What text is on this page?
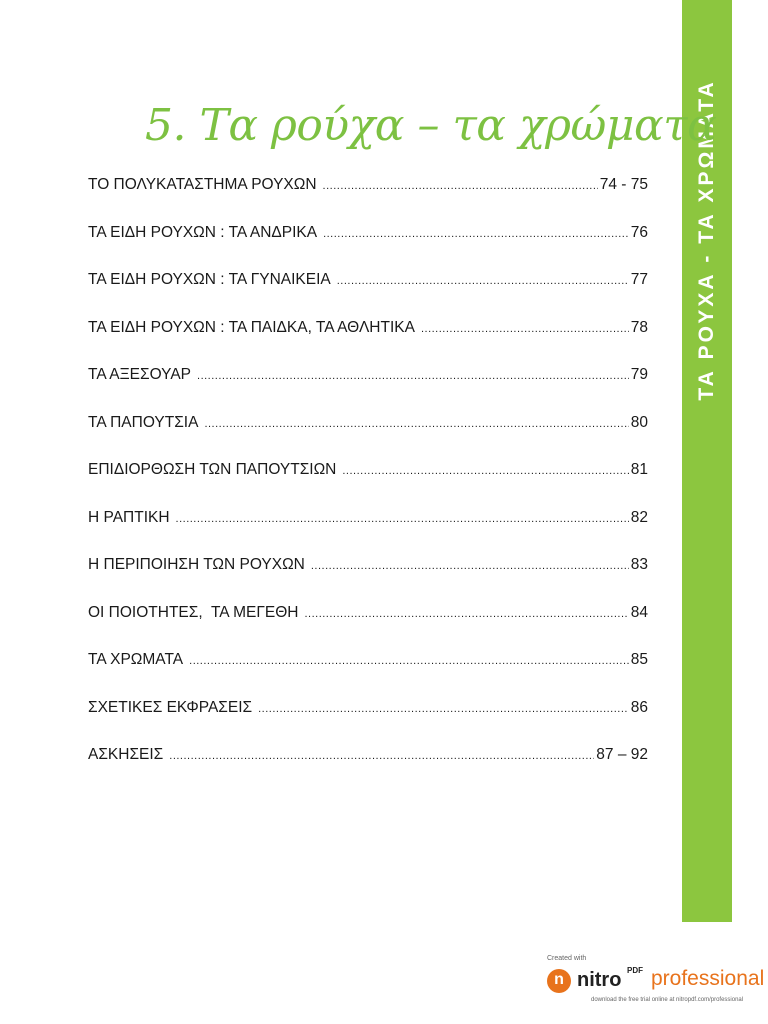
ΤΑ ΡΟΥΧΑ - ΤΑ ΧΡΩΜΑΤΑ
5. Τα ρούχα – τα χρώματα
ΤΟ ΠΟΛΥΚΑΤΑΣΤΗΜΑ ΡΟΥΧΩΝ .....	74 - 75
ΤΑ ΕΙΔΗ ΡΟΥΧΩΝ : ΤΑ ΑΝΔΡΙΚΑ .....	76
ΤΑ ΕΙΔΗ ΡΟΥΧΩΝ : ΤΑ ΓΥΝΑΙΚΕΙΑ .....	77
ΤΑ ΕΙΔΗ ΡΟΥΧΩΝ : ΤΑ ΠΑΙΔΚΑ, ΤΑ ΑΘΛΗΤΙΚΑ .....	78
ΤΑ ΑΞΕΣΟΥΑΡ .....	79
ΤΑ ΠΑΠΟΥΤΣΙΑ .....	80
ΕΠΙΔΙΟΡΘΩΣΗ ΤΩΝ ΠΑΠΟΥΤΣΙΩΝ .....	81
Η ΡΑΠΤΙΚΗ .....	82
Η ΠΕΡΙΠΟΙΗΣΗ ΤΩΝ ΡΟΥΧΩΝ .....	83
ΟΙ ΠΟΙΟΤΗΤΕΣ,  ΤΑ ΜΕΓΕΘΗ .....	84
ΤΑ ΧΡΩΜΑΤΑ .....	85
ΣΧΕΤΙΚΕΣ ΕΚΦΡΑΣΕΙΣ .....	86
ΑΣΚΗΣΕΙΣ .....	87 – 92
Created with
n nitro PDF professional
download the free trial online at nitropdf.com/professional
